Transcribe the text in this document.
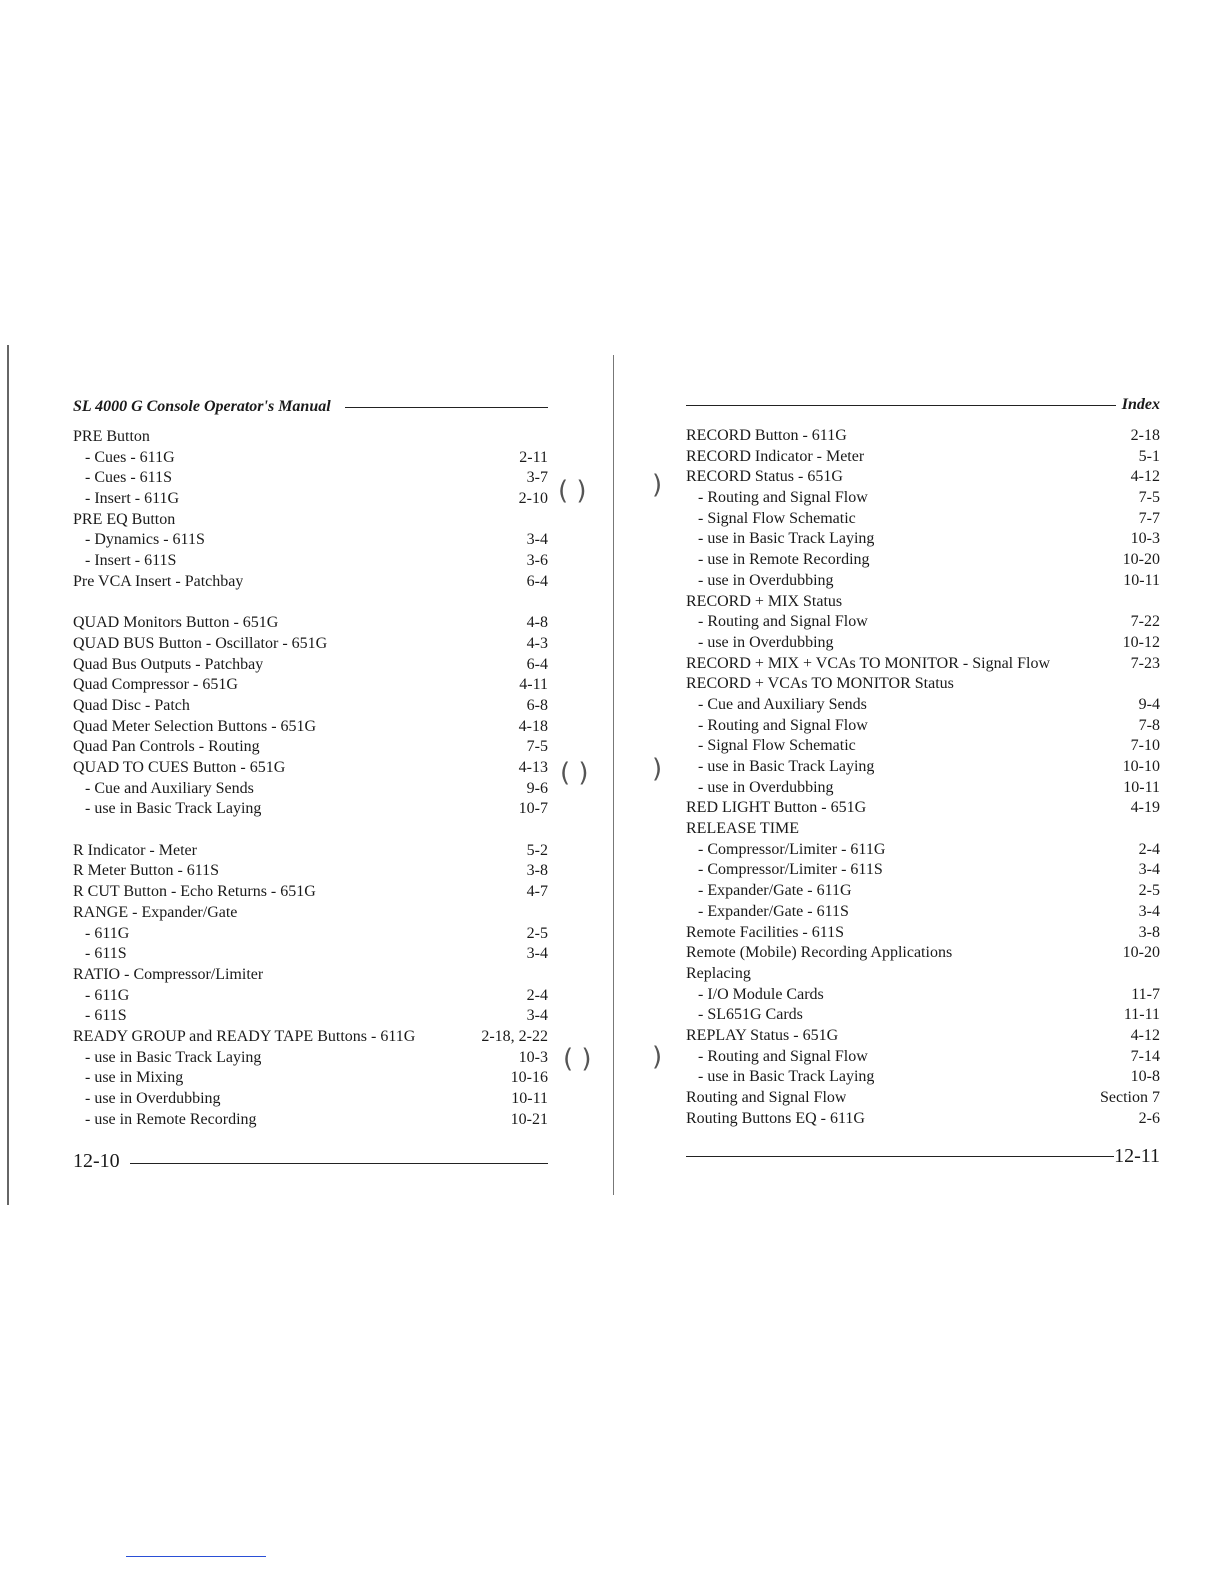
( )
( )
( )
)
)
)
SL 4000 G Console Operator's Manual
PRE Button
- Cues - 611G	2-11
- Cues - 611S	3-7
- Insert - 611G	2-10
PRE EQ Button
- Dynamics - 611S	3-4
- Insert - 611S	3-6
Pre VCA Insert - Patchbay	6-4
QUAD Monitors Button - 651G	4-8
QUAD BUS Button - Oscillator - 651G	4-3
Quad Bus Outputs - Patchbay	6-4
Quad Compressor - 651G	4-11
Quad Disc - Patch	6-8
Quad Meter Selection Buttons - 651G	4-18
Quad Pan Controls - Routing	7-5
QUAD TO CUES Button - 651G	4-13
- Cue and Auxiliary Sends	9-6
- use in Basic Track Laying	10-7
R Indicator - Meter	5-2
R Meter Button - 611S	3-8
R CUT Button - Echo Returns - 651G	4-7
RANGE - Expander/Gate
- 611G	2-5
- 611S	3-4
RATIO - Compressor/Limiter
- 611G	2-4
- 611S	3-4
READY GROUP and READY TAPE Buttons - 611G	2-18, 2-22
- use in Basic Track Laying	10-3
- use in Mixing	10-16
- use in Overdubbing	10-11
- use in Remote Recording	10-21
12-10
Index
RECORD Button - 611G	2-18
RECORD Indicator - Meter	5-1
RECORD Status - 651G	4-12
- Routing and Signal Flow	7-5
- Signal Flow Schematic	7-7
- use in Basic Track Laying	10-3
- use in Remote Recording	10-20
- use in Overdubbing	10-11
RECORD + MIX Status
- Routing and Signal Flow	7-22
- use in Overdubbing	10-12
RECORD + MIX + VCAs TO MONITOR - Signal Flow	7-23
RECORD + VCAs TO MONITOR Status
- Cue and Auxiliary Sends	9-4
- Routing and Signal Flow	7-8
- Signal Flow Schematic	7-10
- use in Basic Track Laying	10-10
- use in Overdubbing	10-11
RED LIGHT Button - 651G	4-19
RELEASE TIME
- Compressor/Limiter - 611G	2-4
- Compressor/Limiter - 611S	3-4
- Expander/Gate - 611G	2-5
- Expander/Gate - 611S	3-4
Remote Facilities - 611S	3-8
Remote (Mobile) Recording Applications	10-20
Replacing
- I/O Module Cards	11-7
- SL651G Cards	11-11
REPLAY Status - 651G	4-12
- Routing and Signal Flow	7-14
- use in Basic Track Laying	10-8
Routing and Signal Flow	Section 7
Routing Buttons EQ - 611G	2-6
12-11
